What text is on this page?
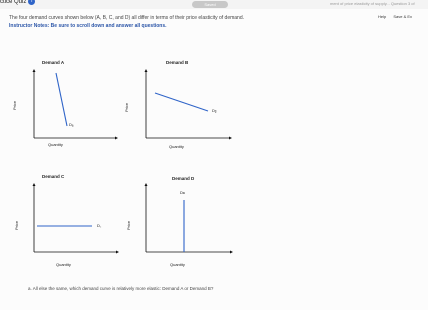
ctice Quiz i
Saved	ment of price elasticity of supply... Question 3 of
Help Save & Ex
The four demand curves shown below (A, B, C, and D) all differ in terms of their price elasticity of demand.
Instructor Notes: Be sure to scroll down and answer all questions.
Demand A
Dₐ
Quantity
Price
Demand B
Dᵦ
Quantity
Price
Demand C
D꜀
Quantity
Price
Demand D
Dᴅ
Quantity
Price
a. All else the same, which demand curve is relatively more elastic: Demand A or Demand B?
